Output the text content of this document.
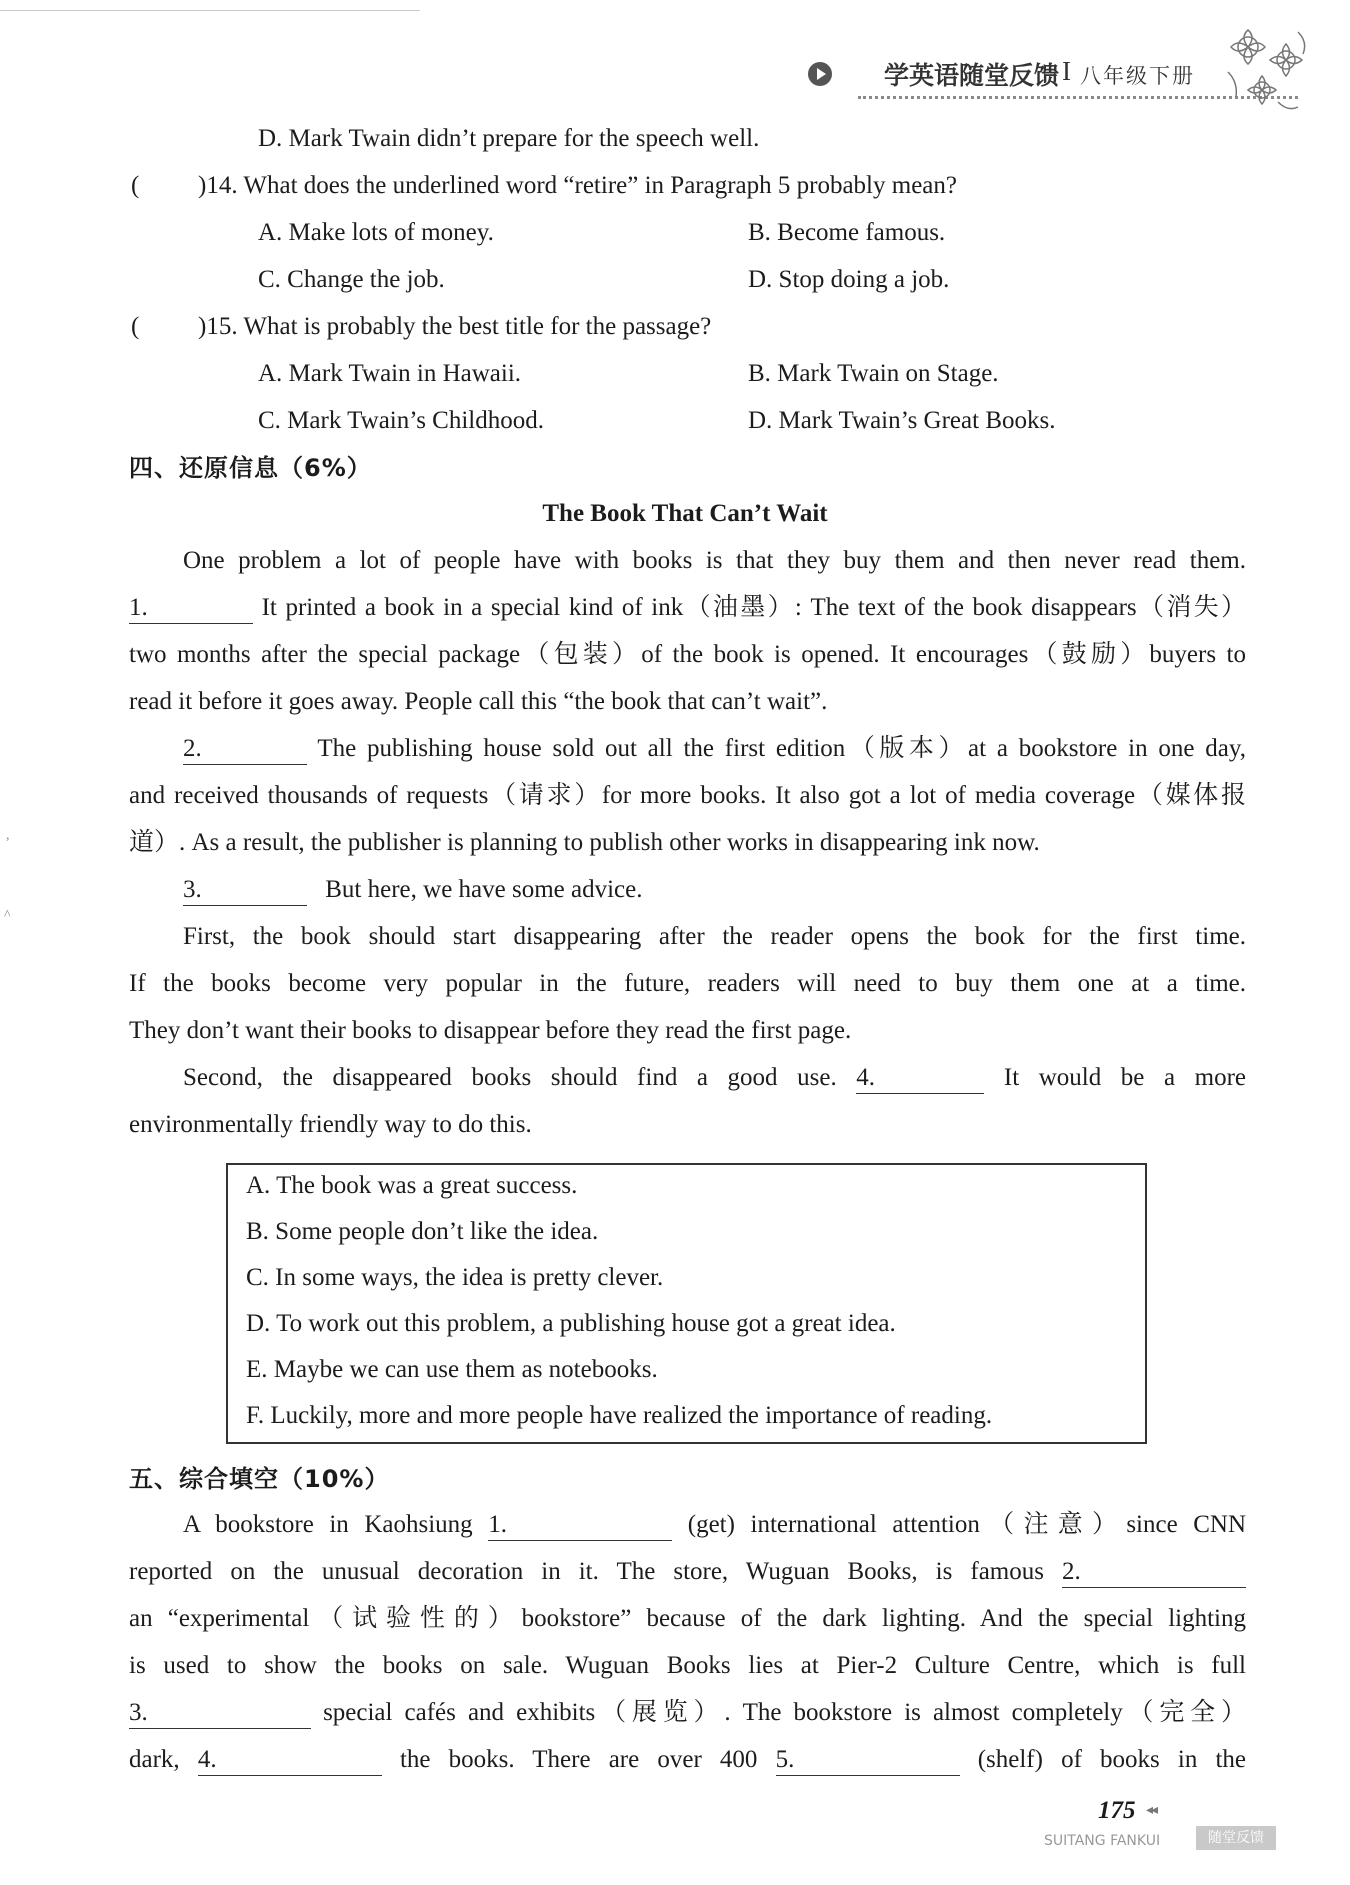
学英语随堂反馈 I 八年级下册
,
^
D. Mark Twain didn’t prepare for the speech well.
( )14. What does the underlined word “retire” in Paragraph 5 probably mean?
A. Make lots of money.	B. Become famous.
C. Change the job.	D. Stop doing a job.
( )15. What is probably the best title for the passage?
A. Mark Twain in Hawaii.	B. Mark Twain on Stage.
C. Mark Twain’s Childhood.	D. Mark Twain’s Great Books.
四、还原信息（6%）
The Book That Can’t Wait
One problem a lot of people have with books is that they buy them and then never read them.
1.	It printed a book in a special kind of ink（油墨）: The text of the book disappears（消失）
two months after the special package（包装）of the book is opened. It encourages（鼓励）buyers to
read it before it goes away. People call this “the book that can’t wait”.
2.	The publishing house sold out all the first edition（版本）at a bookstore in one day,
and received thousands of requests（请求）for more books. It also got a lot of media coverage（媒体报
道）. As a result, the publisher is planning to publish other works in disappearing ink now.
3.	But here, we have some advice.
First, the book should start disappearing after the reader opens the book for the first time.
If the books become very popular in the future, readers will need to buy them one at a time.
They don’t want their books to disappear before they read the first page.
Second, the disappeared books should find a good use. 4.	It would be a more
environmentally friendly way to do this.
A. The book was a great success.
B. Some people don’t like the idea.
C. In some ways, the idea is pretty clever.
D. To work out this problem, a publishing house got a great idea.
E. Maybe we can use them as notebooks.
F. Luckily, more and more people have realized the importance of reading.
五、综合填空（10%）
A bookstore in Kaohsiung 1.	(get) international attention（注意）since CNN
reported on the unusual decoration in it. The store, Wuguan Books, is famous 2.
an “experimental（试验性的）bookstore” because of the dark lighting. And the special lighting
is used to show the books on sale. Wuguan Books lies at Pier-2 Culture Centre, which is full
3.	special cafés and exhibits（展览）. The bookstore is almost completely（完全）
dark, 4.	the books. There are over 400 5.	(shelf) of books in the
175 ◂◂
SUITANG FANKUI	随堂反馈
